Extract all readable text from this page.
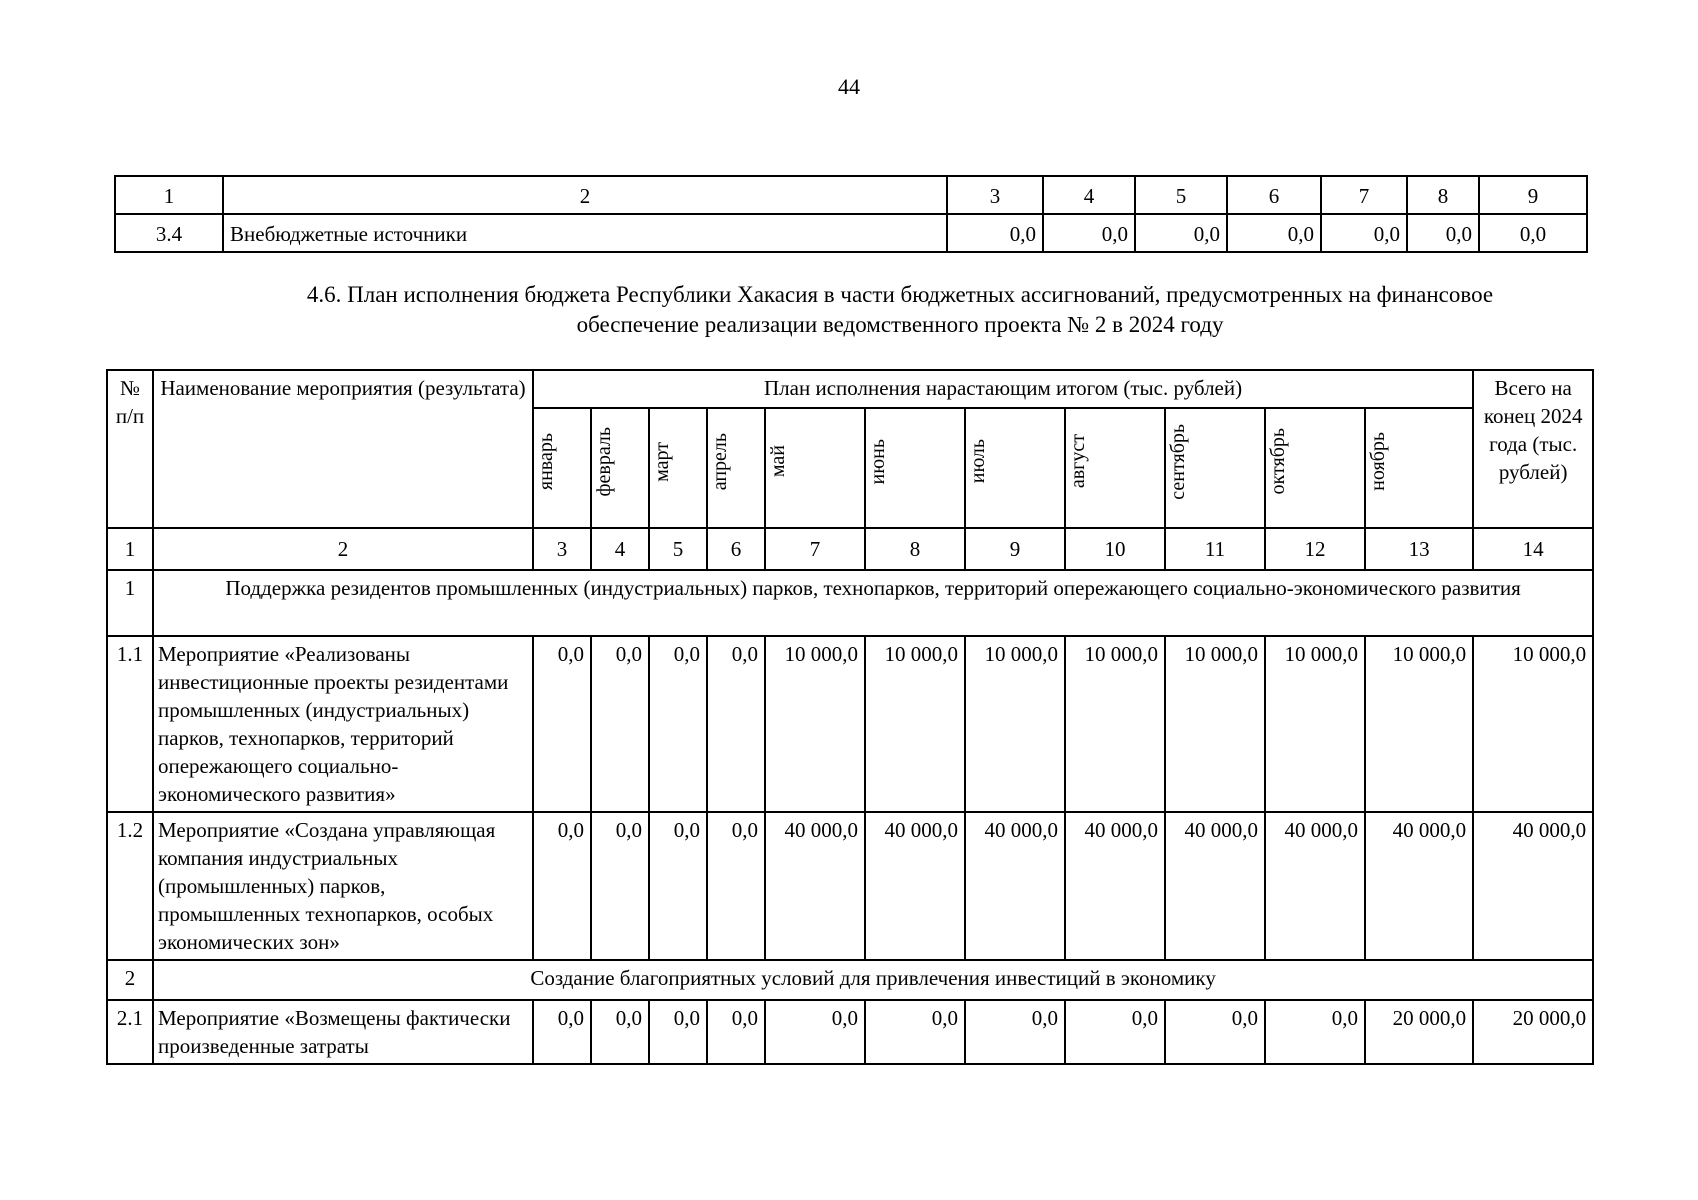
44
1	2	3	4	5	6	7	8	9
3.4	Внебюджетные источники	0,0	0,0	0,0	0,0	0,0	0,0	0,0
4.6. План исполнения бюджета Республики Хакасия в части бюджетных ассигнований, предусмотренных на финансовое
обеспечение реализации ведомственного проекта № 2 в 2024 году
№ п/п	Наименование мероприятия (результата)	План исполнения нарастающим итогом (тыс. рублей)											Всего на конец 2024 года (тыс. рублей)
		январь	февраль	март	апрель	май	июнь	июль	август	сентябрь	октябрь	ноябрь	
1	2	3	4	5	6	7	8	9	10	11	12	13	14
1	Поддержка резидентов промышленных (индустриальных) парков, технопарков, территорий опережающего социально-экономического развития												
1.1	Мероприятие «Реализованы инвестиционные проекты резидентами промышленных (индустриальных) парков, технопарков, территорий опережающего социально-экономического развития»	0,0	0,0	0,0	0,0	10 000,0	10 000,0	10 000,0	10 000,0	10 000,0	10 000,0	10 000,0	10 000,0
1.2	Мероприятие «Создана управляющая компания индустриальных (промышленных) парков, промышленных технопарков, особых экономических зон»	0,0	0,0	0,0	0,0	40 000,0	40 000,0	40 000,0	40 000,0	40 000,0	40 000,0	40 000,0	40 000,0
2	Создание благоприятных условий для привлечения инвестиций в экономику												
2.1	Мероприятие «Возмещены фактически произведенные затраты	0,0	0,0	0,0	0,0	0,0	0,0	0,0	0,0	0,0	0,0	20 000,0	20 000,0
